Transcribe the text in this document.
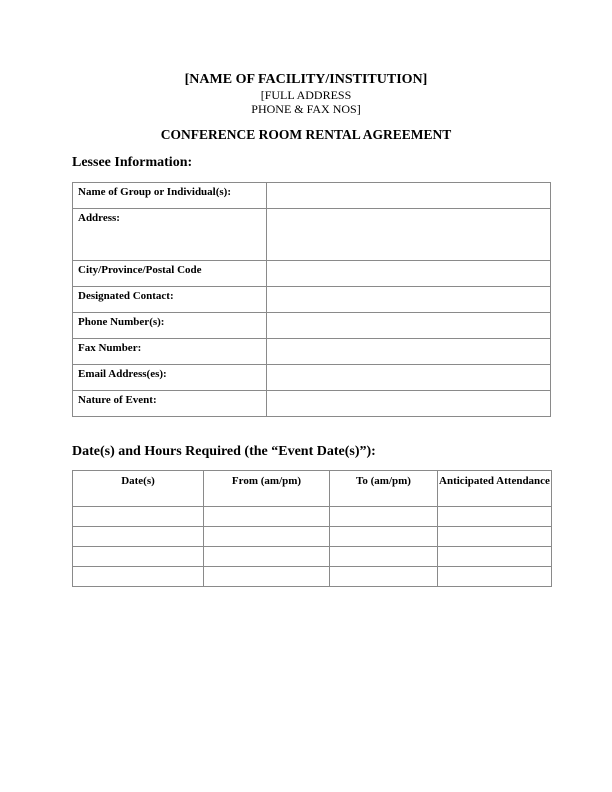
[NAME OF FACILITY/INSTITUTION]
[FULL ADDRESS
PHONE & FAX NOS]
CONFERENCE ROOM RENTAL AGREEMENT
Lessee Information:
Name of Group or Individual(s):	
Address:	
City/Province/Postal Code	
Designated Contact:	
Phone Number(s):	
Fax Number:	
Email Address(es):	
Nature of Event:	
Date(s) and Hours Required (the “Event Date(s)”):
Date(s)	From (am/pm)	To (am/pm)	Anticipated Attendance
